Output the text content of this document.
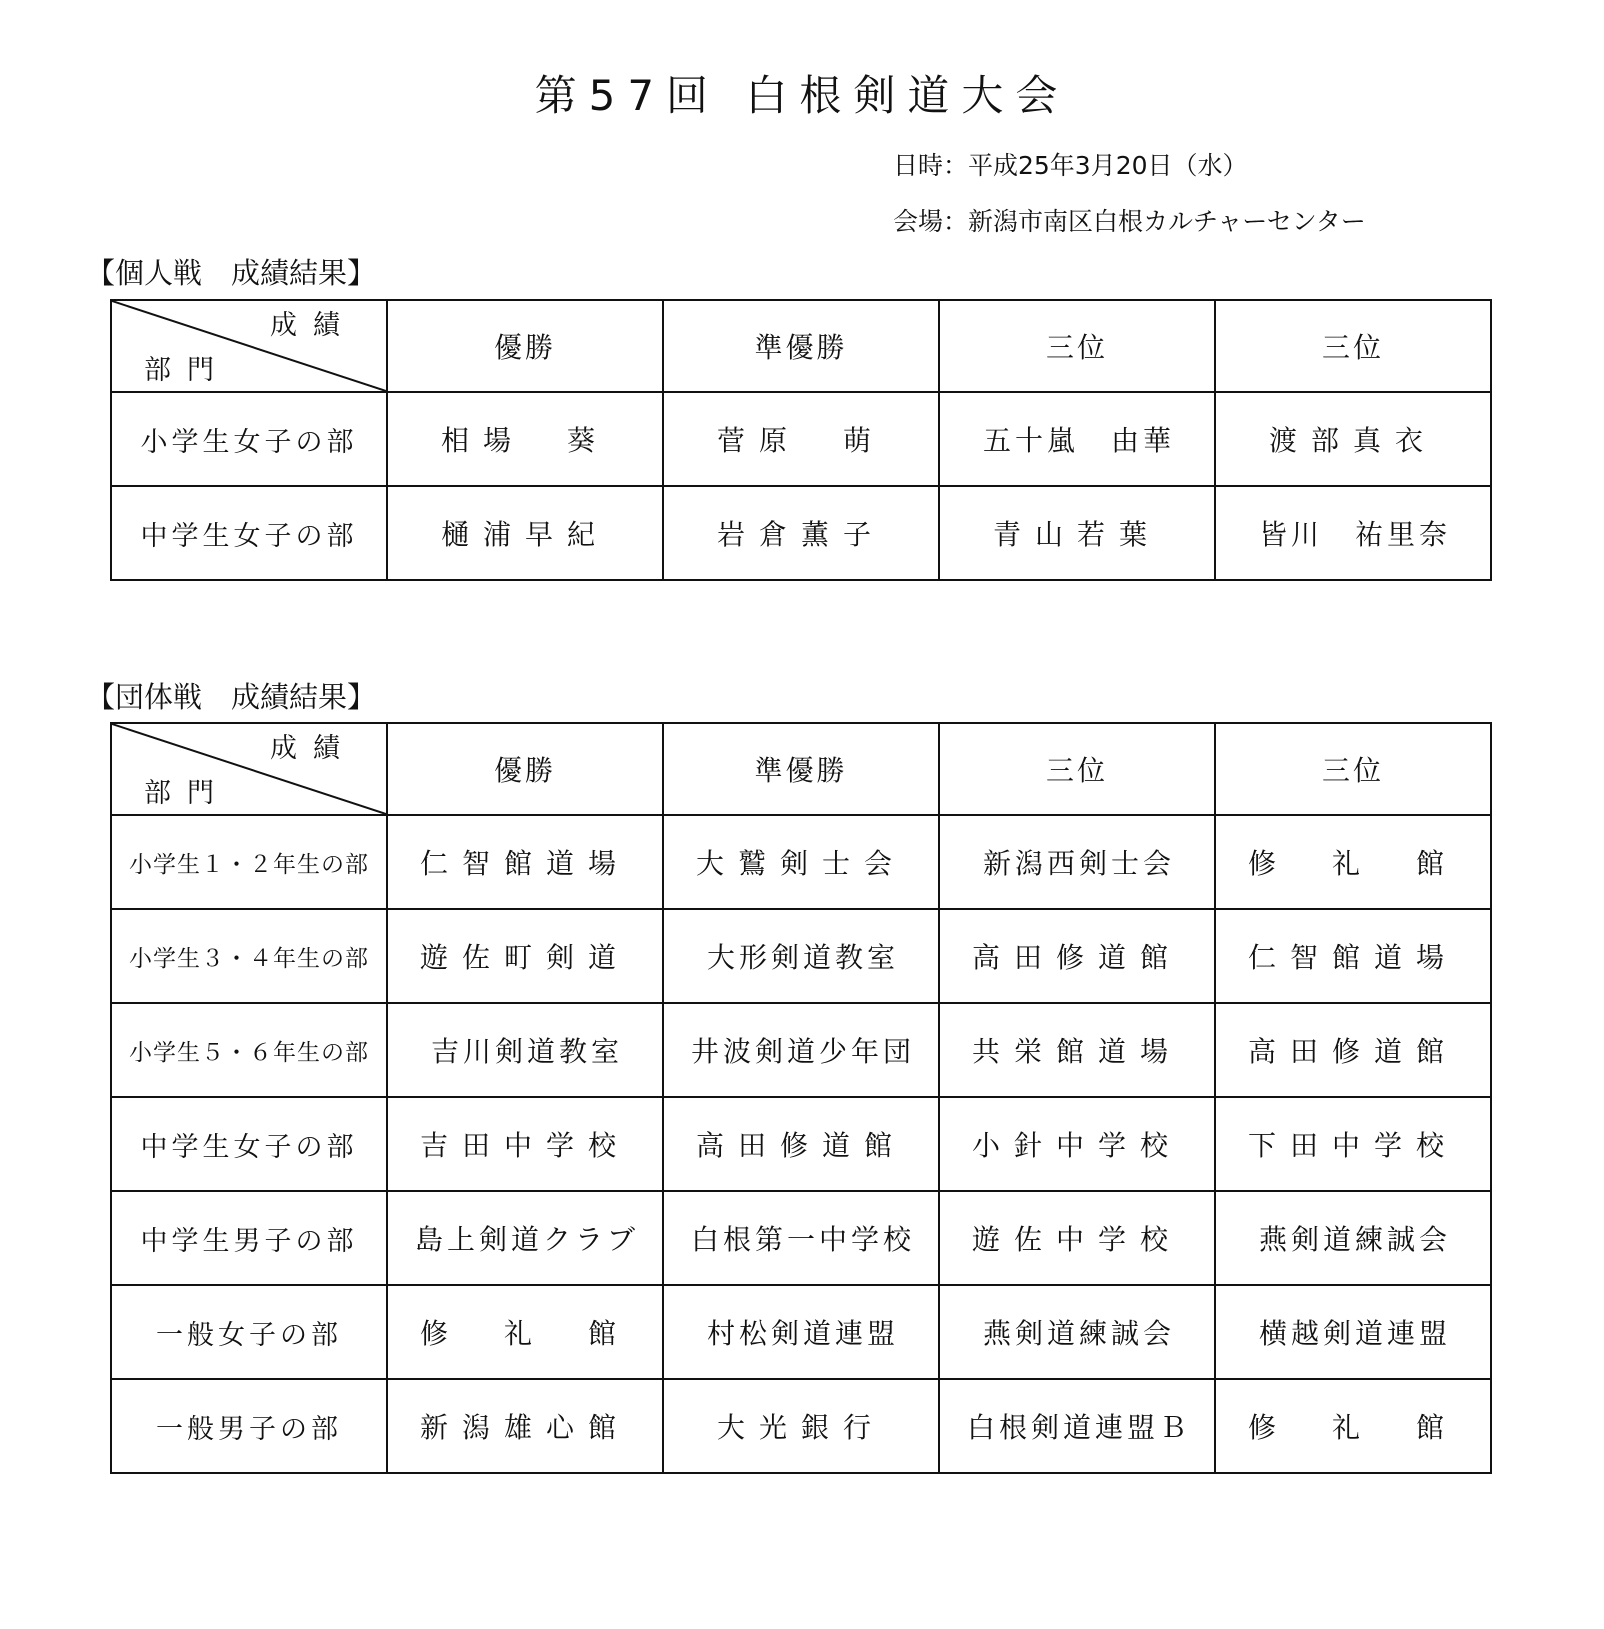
第57回 白根剣道大会
日時：平成25年3月20日（水）
会場：新潟市南区白根カルチャーセンター
【個人戦　成績結果】
成績
部門	優勝	準優勝	三位	三位
小学生女子の部	相場　葵	菅原　萌	五十嵐　由華	渡部真衣
中学生女子の部	樋浦早紀	岩倉薫子	青山若葉	皆川　祐里奈
【団体戦　成績結果】
成績
部門	優勝	準優勝	三位	三位
小学生１・２年生の部	仁智館道場	大鷲剣士会	新潟西剣士会	修　礼　館
小学生３・４年生の部	遊佐町剣道	大形剣道教室	高田修道館	仁智館道場
小学生５・６年生の部	吉川剣道教室	井波剣道少年団	共栄館道場	高田修道館
中学生女子の部	吉田中学校	高田修道館	小針中学校	下田中学校
中学生男子の部	島上剣道クラブ	白根第一中学校	遊佐中学校	燕剣道練誠会
一般女子の部	修　礼　館	村松剣道連盟	燕剣道練誠会	横越剣道連盟
一般男子の部	新潟雄心館	大光銀行	白根剣道連盟Ｂ	修　礼　館
